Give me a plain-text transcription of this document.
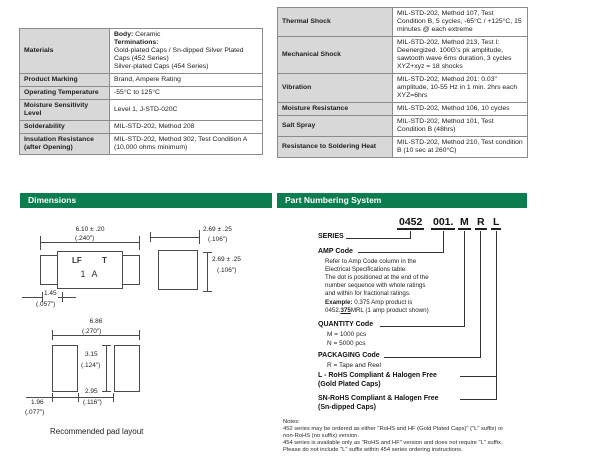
Materials	Body: Ceramic
Terminations:
Gold-plated Caps / Sn-dipped Silver Plated Caps (452 Series)
Silver-plated Caps (454 Series)

Product Marking	Brand, Ampere Rating
Operating Temperature	-55°C to 125°C
Moisture Sensitivity Level	Level 1, J-STD-020C
Solderability	MIL-STD-202, Method 208
Insulation Resistance (after Opening)	MIL-STD-202, Method 302, Test Condition A (10,000 ohms minimum)
Thermal Shock	MIL-STD-202, Method 107, Test Condition B, 5 cycles, -65°C / +125°C, 15 minutes @ each extreme
Mechanical Shock	MIL-STD-202, Method 213, Test I: Deenergized. 100G's pk amplitude, sawtooth wave 6ms duration, 3 cycles XYZ+xyz = 18 shocks
Vibration	MIL-STD-202, Method 201: 0.03" amplitude, 10-55 Hz in 1 min. 2hrs each XYZ=6hrs
Moisture Resistance	MIL-STD-202, Method 106, 10 cycles
Salt Spray	MIL-STD-202, Method 101, Test Condition B (48hrs)
Resistance to Soldering Heat	MIL-STD-202, Method 210, Test condition B (10 sec at 260°C)
Dimensions	Part Numbering System
6.10 ± .20
(.240")
LF	T
1 A
1.45
(.057")
2.69 ± .25
(.106")
2.69 ± .25
(.106")
6.86
(.270")
3.15
(.124")
1.96
(.077")
2.95
(.116")
Recommended pad layout
0452 001. M R L
SERIES
AMP Code
Refer to Amp Code column in the
Electrical Specifications table.
The dot is positioned at the end of the
number sequence with whole ratings
and within for fractional ratings.
Example: 0.375 Amp product is
0452.375MRL (1 amp product shown)
QUANTITY Code
M = 1000 pcs
N = 5000 pcs
PACKAGING Code
R = Tape and Reel
L - RoHS Compliant & Halogen Free
(Gold Plated Caps)
SN-RoHS Compliant & Halogen Free
(Sn-dipped Caps)
Notes:
452 series may be ordered as either "RoHS and HF (Gold Plated Caps)" ("L" suffix) or
non-RoHS (no suffix) version.
454 series is available only as "RoHS and HF" version and does not require "L" suffix.
Please do not include "L" suffix within 454 series ordering instructions.
